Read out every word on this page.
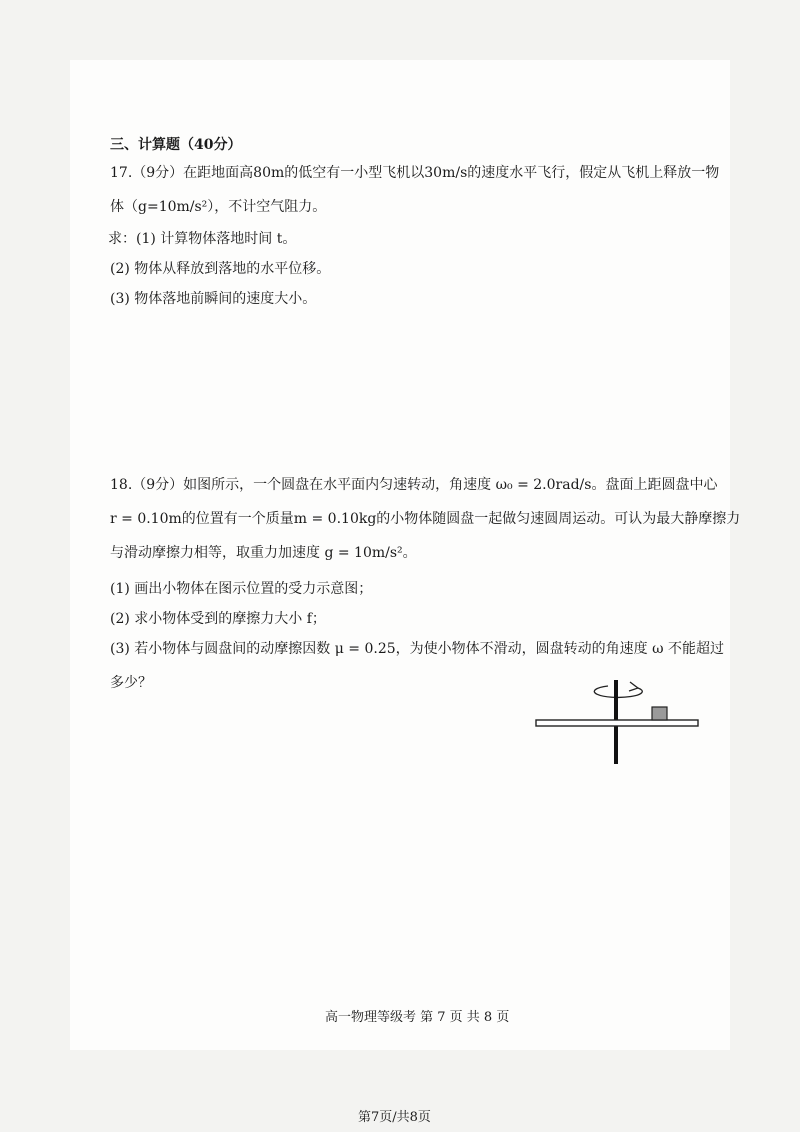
三、计算题（40分）
17.（9分）在距地面高80m的低空有一小型飞机以30m/s的速度水平飞行，假定从飞机上释放一物
体（g=10m/s²），不计空气阻力。
求：(1) 计算物体落地时间 t。
(2) 物体从释放到落地的水平位移。
(3) 物体落地前瞬间的速度大小。
18.（9分）如图所示，一个圆盘在水平面内匀速转动，角速度 ω₀ = 2.0rad/s。盘面上距圆盘中心
r = 0.10m的位置有一个质量m = 0.10kg的小物体随圆盘一起做匀速圆周运动。可认为最大静摩擦力
与滑动摩擦力相等，取重力加速度 g = 10m/s²。
(1) 画出小物体在图示位置的受力示意图；
(2) 求小物体受到的摩擦力大小 f；
(3) 若小物体与圆盘间的动摩擦因数 μ = 0.25，为使小物体不滑动，圆盘转动的角速度 ω 不能超过
多少？
高一物理等级考 第 7 页 共 8 页
第7页/共8页
